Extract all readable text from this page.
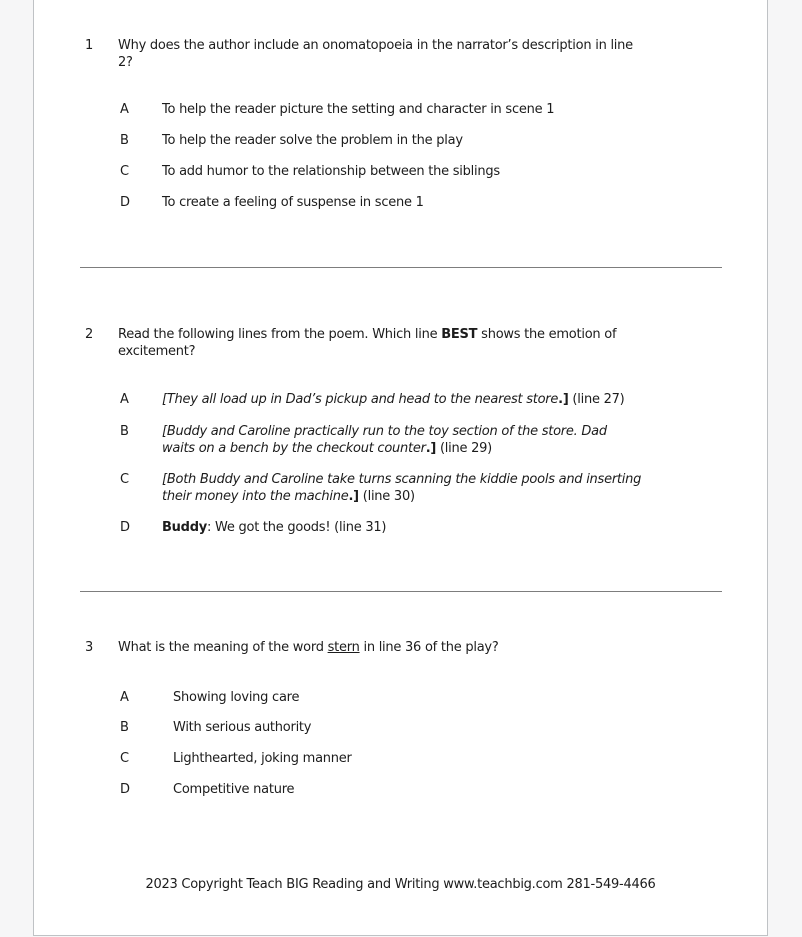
1	Why does the author include an onomatopoeia in the narrator’s description in line
2?
A	To help the reader picture the setting and character in scene 1
B	To help the reader solve the problem in the play
C	To add humor to the relationship between the siblings
D	To create a feeling of suspense in scene 1
2	Read the following lines from the poem. Which line BEST shows the emotion of
excitement?
A	[They all load up in Dad’s pickup and head to the nearest store.] (line 27)
B	[Buddy and Caroline practically run to the toy section of the store. Dad
waits on a bench by the checkout counter.] (line 29)
C	[Both Buddy and Caroline take turns scanning the kiddie pools and inserting
their money into the machine.] (line 30)
D	Buddy: We got the goods! (line 31)
3	What is the meaning of the word stern in line 36 of the play?
A	Showing loving care
B	With serious authority
C	Lighthearted, joking manner
D	Competitive nature
2023 Copyright Teach BIG Reading and Writing www.teachbig.com 281-549-4466
